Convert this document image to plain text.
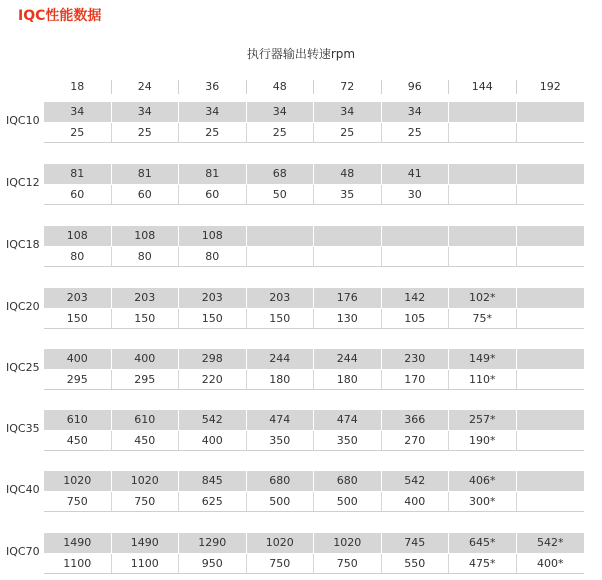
IQC性能数据
执行器输出转速rpm
18	24	36	48	72	96	144	192
IQC10
34	34	34	34	34	34
25	25	25	25	25	25
IQC12
81	81	81	68	48	41
60	60	60	50	35	30
IQC18
108	108	108
80	80	80
IQC20
203	203	203	203	176	142	102*
150	150	150	150	130	105	75*
IQC25
400	400	298	244	244	230	149*
295	295	220	180	180	170	110*
IQC35
610	610	542	474	474	366	257*
450	450	400	350	350	270	190*
IQC40
1020	1020	845	680	680	542	406*
750	750	625	500	500	400	300*
IQC70
1490	1490	1290	1020	1020	745	645*	542*
1100	1100	950	750	750	550	475*	400*
